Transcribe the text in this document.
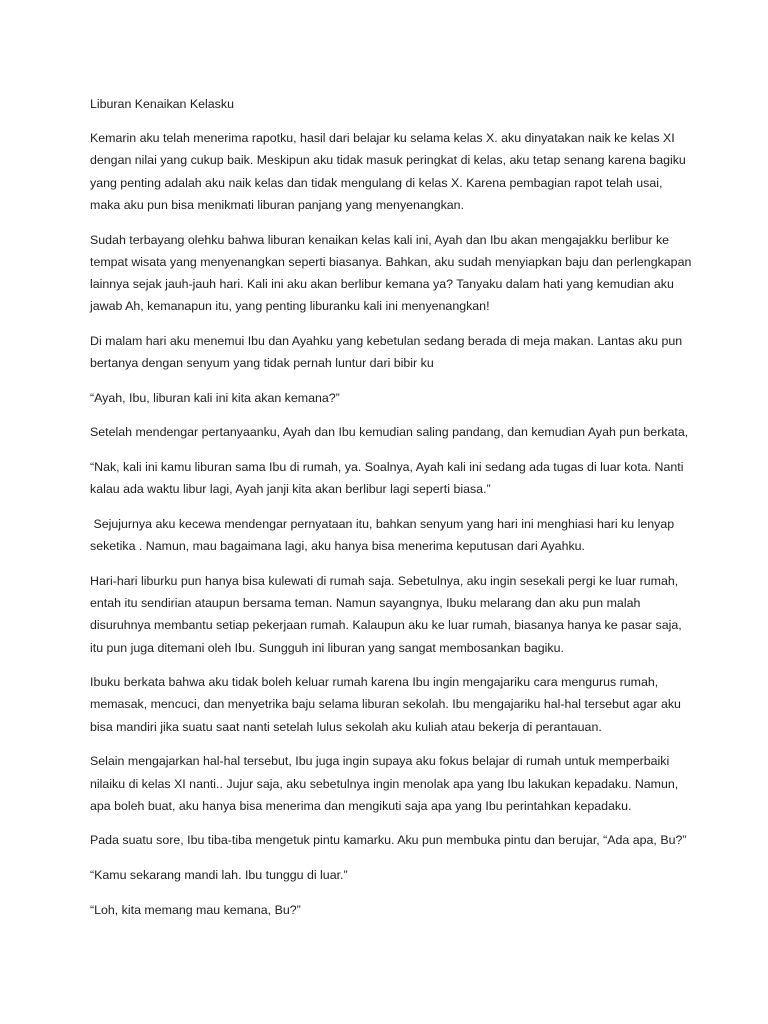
Liburan Kenaikan Kelasku

Kemarin aku telah menerima rapotku, hasil dari belajar ku selama kelas X. aku dinyatakan naik ke kelas XI dengan nilai yang cukup baik. Meskipun aku tidak masuk peringkat di kelas, aku tetap senang karena bagiku yang penting adalah aku naik kelas dan tidak mengulang di kelas X. Karena pembagian rapot telah usai, maka aku pun bisa menikmati liburan panjang yang menyenangkan.

Sudah terbayang olehku bahwa liburan kenaikan kelas kali ini, Ayah dan Ibu akan mengajakku berlibur ke tempat wisata yang menyenangkan seperti biasanya. Bahkan, aku sudah menyiapkan baju dan perlengkapan lainnya sejak jauh-jauh hari. Kali ini aku akan berlibur kemana ya? Tanyaku dalam hati yang kemudian aku jawab Ah, kemanapun itu, yang penting liburanku kali ini menyenangkan!

Di malam hari aku menemui Ibu dan Ayahku yang kebetulan sedang berada di meja makan. Lantas aku pun bertanya dengan senyum yang tidak pernah luntur dari bibir ku

“Ayah, Ibu, liburan kali ini kita akan kemana?”

Setelah mendengar pertanyaanku, Ayah dan Ibu kemudian saling pandang, dan kemudian Ayah pun berkata,

“Nak, kali ini kamu liburan sama Ibu di rumah, ya. Soalnya, Ayah kali ini sedang ada tugas di luar kota. Nanti kalau ada waktu libur lagi, Ayah janji kita akan berlibur lagi seperti biasa.”

Sejujurnya aku kecewa mendengar pernyataan itu, bahkan senyum yang hari ini menghiasi hari ku lenyap seketika . Namun, mau bagaimana lagi, aku hanya bisa menerima keputusan dari Ayahku.

Hari-hari liburku pun hanya bisa kulewati di rumah saja. Sebetulnya, aku ingin sesekali pergi ke luar rumah, entah itu sendirian ataupun bersama teman. Namun sayangnya, Ibuku melarang dan aku pun malah disuruhnya membantu setiap pekerjaan rumah. Kalaupun aku ke luar rumah, biasanya hanya ke pasar saja, itu pun juga ditemani oleh Ibu. Sungguh ini liburan yang sangat membosankan bagiku.

Ibuku berkata bahwa aku tidak boleh keluar rumah karena Ibu ingin mengajariku cara mengurus rumah, memasak, mencuci, dan menyetrika baju selama liburan sekolah. Ibu mengajariku hal-hal tersebut agar aku bisa mandiri jika suatu saat nanti setelah lulus sekolah aku kuliah atau bekerja di perantauan.

Selain mengajarkan hal-hal tersebut, Ibu juga ingin supaya aku fokus belajar di rumah untuk memperbaiki nilaiku di kelas XI nanti.. Jujur saja, aku sebetulnya ingin menolak apa yang Ibu lakukan kepadaku. Namun, apa boleh buat, aku hanya bisa menerima dan mengikuti saja apa yang Ibu perintahkan kepadaku.

Pada suatu sore, Ibu tiba-tiba mengetuk pintu kamarku. Aku pun membuka pintu dan berujar, “Ada apa, Bu?”

“Kamu sekarang mandi lah. Ibu tunggu di luar.”

“Loh, kita memang mau kemana, Bu?”
